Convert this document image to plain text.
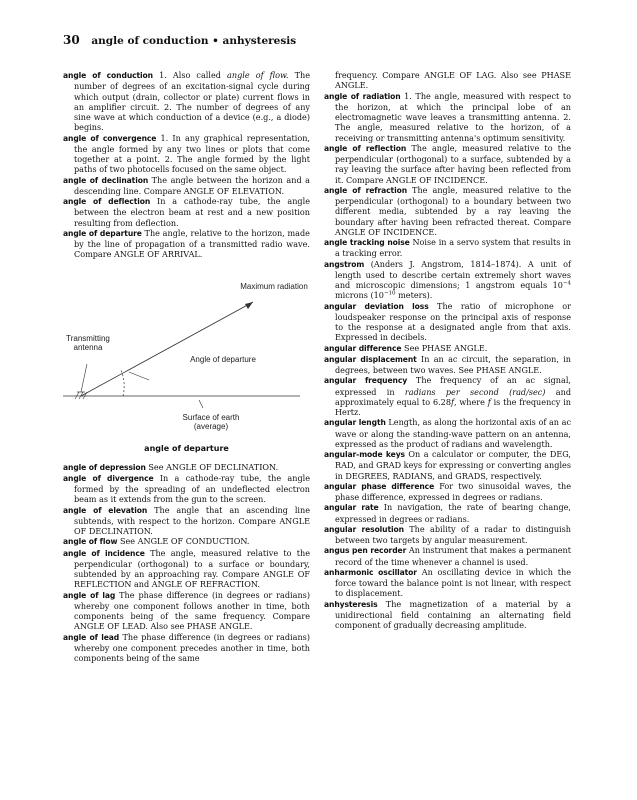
30 angle of conduction • anhysteresis
angle of conduction 1. Also called angle of flow. The number of degrees of an excitation-signal cycle during which output (drain, collector or plate) current flows in an amplifier circuit. 2. The number of degrees of any sine wave at which conduction of a device (e.g., a diode) begins.
angle of convergence 1. In any graphical representation, the angle formed by any two lines or plots that come together at a point. 2. The angle formed by the light paths of two photocells focused on the same object.
angle of declination The angle between the horizon and a descending line. Compare ANGLE OF ELEVATION.
angle of deflection In a cathode-ray tube, the angle between the electron beam at rest and a new position resulting from deflection.
angle of departure The angle, relative to the horizon, made by the line of propagation of a transmitted radio wave. Compare ANGLE OF ARRIVAL.
Maximum radiation
Transmitting antenna
Angle of departure
Surface of earth (average)
angle of departure
angle of depression See ANGLE OF DECLINATION.
angle of divergence In a cathode-ray tube, the angle formed by the spreading of an undeflected electron beam as it extends from the gun to the screen.
angle of elevation The angle that an ascending line subtends, with respect to the horizon. Compare ANGLE OF DECLINATION.
angle of flow See ANGLE OF CONDUCTION.
angle of incidence The angle, measured relative to the perpendicular (orthogonal) to a surface or boundary, subtended by an approaching ray. Compare ANGLE OF REFLECTION and ANGLE OF REFRACTION.
angle of lag The phase difference (in degrees or radians) whereby one component follows another in time, both components being of the same frequency. Compare ANGLE OF LEAD. Also see PHASE ANGLE.
angle of lead The phase difference (in degrees or radians) whereby one component precedes another in time, both components being of the same
frequency. Compare ANGLE OF LAG. Also see PHASE ANGLE.
angle of radiation 1. The angle, measured with respect to the horizon, at which the principal lobe of an electromagnetic wave leaves a transmitting antenna. 2. The angle, measured relative to the horizon, of a receiving or transmitting antenna's optimum sensitivity.
angle of reflection The angle, measured relative to the perpendicular (orthogonal) to a surface, subtended by a ray leaving the surface after having been reflected from it. Compare ANGLE OF INCIDENCE.
angle of refraction The angle, measured relative to the perpendicular (orthogonal) to a boundary between two different media, subtended by a ray leaving the boundary after having been refracted thereat. Compare ANGLE OF INCIDENCE.
angle tracking noise Noise in a servo system that results in a tracking error.
angstrom (Anders J. Angstrom, 1814–1874). A unit of length used to describe certain extremely short waves and microscopic dimensions; 1 angstrom equals $10^{-4}$ microns ($10^{-10}$ meters).
angular deviation loss The ratio of microphone or loudspeaker response on the principal axis of response to the response at a designated angle from that axis. Expressed in decibels.
angular difference See PHASE ANGLE.
angular displacement In an ac circuit, the separation, in degrees, between two waves. See PHASE ANGLE.
angular frequency The frequency of an ac signal, expressed in radians per second (rad/sec) and approximately equal to 6.28f, where f is the frequency in Hertz.
angular length Length, as along the horizontal axis of an ac wave or along the standing-wave pattern on an antenna, expressed as the product of radians and wavelength.
angular-mode keys On a calculator or computer, the DEG, RAD, and GRAD keys for expressing or converting angles in DEGREES, RADIANS, and GRADS, respectively.
angular phase difference For two sinusoidal waves, the phase difference, expressed in degrees or radians.
angular rate In navigation, the rate of bearing change, expressed in degrees or radians.
angular resolution The ability of a radar to distinguish between two targets by angular measurement.
angus pen recorder An instrument that makes a permanent record of the time whenever a channel is used.
anharmonic oscillator An oscillating device in which the force toward the balance point is not linear, with respect to displacement.
anhysteresis The magnetization of a material by a unidirectional field containing an alternating field component of gradually decreasing amplitude.
